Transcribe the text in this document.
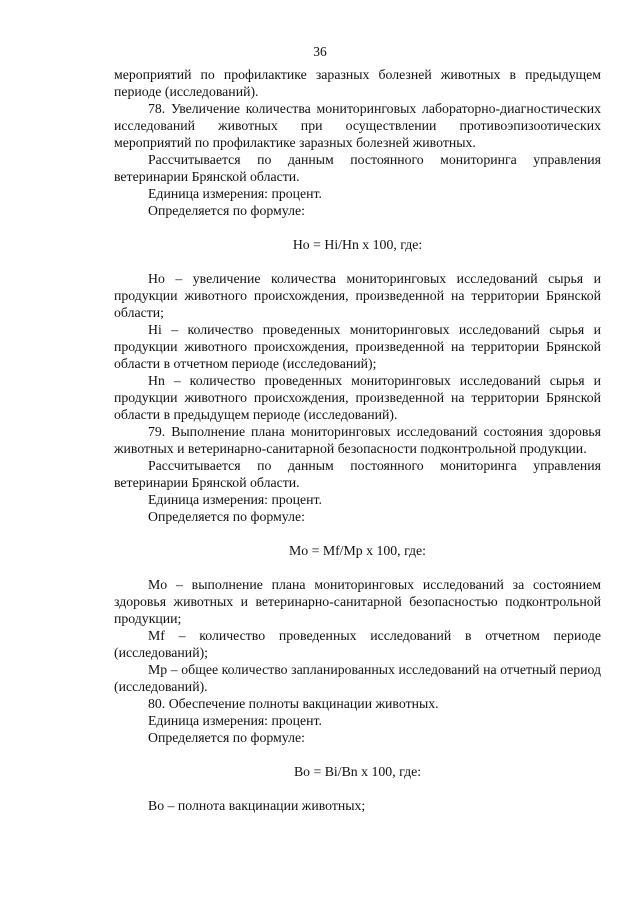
36

мероприятий по профилактике заразных болезней животных в предыдущем периоде (исследований).

78. Увеличение количества мониторинговых лабораторно-диагностических исследований животных при осуществлении противоэпизоотических мероприятий по профилактике заразных болезней животных.

Рассчитывается по данным постоянного мониторинга управления ветеринарии Брянской области.

Единица измерения: процент.

Определяется по формуле:

Ho = Hi/Hn x 100, где:

Ho – увеличение количества мониторинговых исследований сырья и продукции животного происхождения, произведенной на территории Брянской области;

Hi – количество проведенных мониторинговых исследований сырья и продукции животного происхождения, произведенной на территории Брянской области в отчетном периоде (исследований);

Hn – количество проведенных мониторинговых исследований сырья и продукции животного происхождения, произведенной на территории Брянской области в предыдущем периоде (исследований).

79. Выполнение плана мониторинговых исследований состояния здоровья животных и ветеринарно-санитарной безопасности подконтрольной продукции.

Рассчитывается по данным постоянного мониторинга управления ветеринарии Брянской области.

Единица измерения: процент.

Определяется по формуле:

Mo = Mf/Mp x 100, где:

Mo – выполнение плана мониторинговых исследований за состоянием здоровья животных и ветеринарно-санитарной безопасностью подконтрольной продукции;

Mf – количество проведенных исследований в отчетном периоде (исследований);

Mp – общее количество запланированных исследований на отчетный период (исследований).

80. Обеспечение полноты вакцинации животных.

Единица измерения: процент.

Определяется по формуле:

Bo = Bi/Bn x 100, где:

Bo – полнота вакцинации животных;
